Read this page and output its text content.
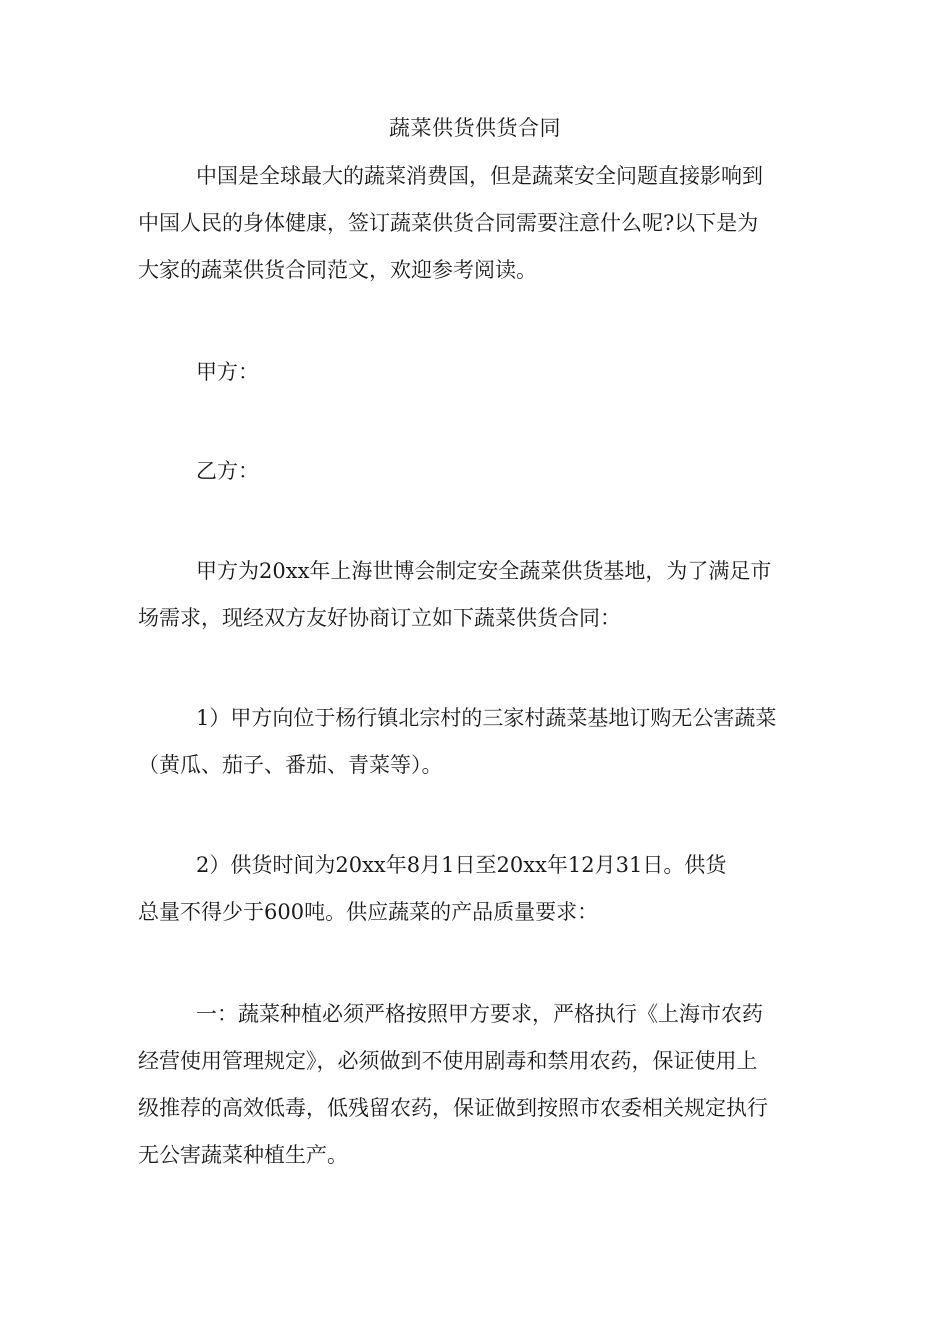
蔬菜供货供货合同
中国是全球最大的蔬菜消费国，但是蔬菜安全问题直接影响到
中国人民的身体健康，签订蔬菜供货合同需要注意什么呢?以下是为
大家的蔬菜供货合同范文，欢迎参考阅读。
甲方：
乙方：
甲方为20xx年上海世博会制定安全蔬菜供货基地，为了满足市
场需求，现经双方友好协商订立如下蔬菜供货合同：
1）甲方向位于杨行镇北宗村的三家村蔬菜基地订购无公害蔬菜
（黄瓜、茄子、番茄、青菜等）。
2）供货时间为20xx年8月1日至20xx年12月31日。供货
总量不得少于600吨。供应蔬菜的产品质量要求：
一：蔬菜种植必须严格按照甲方要求，严格执行《上海市农药
经营使用管理规定》，必须做到不使用剧毒和禁用农药，保证使用上
级推荐的高效低毒，低残留农药，保证做到按照市农委相关规定执行
无公害蔬菜种植生产。
